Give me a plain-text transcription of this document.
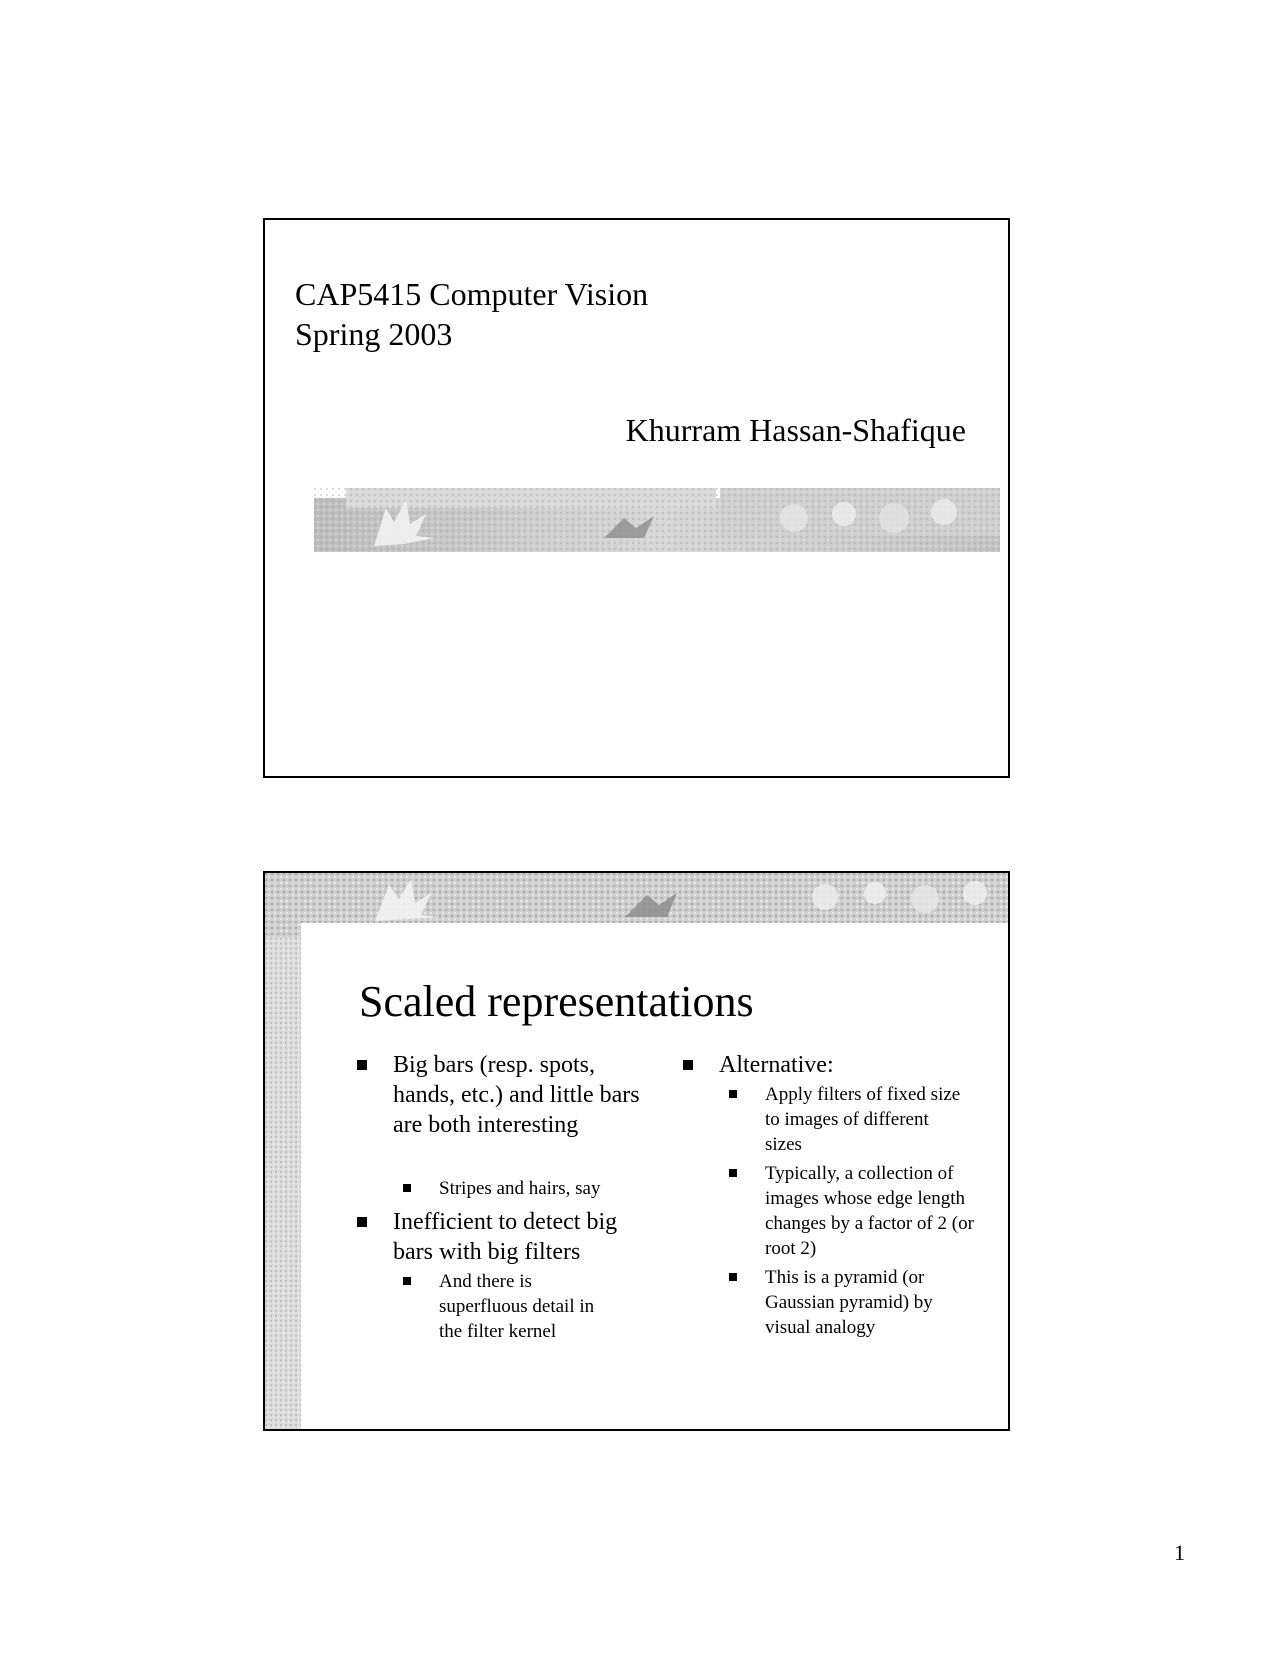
CAP5415 Computer Vision
Spring 2003
Khurram Hassan-Shafique
Scaled representations
Big bars (resp. spots, hands, etc.) and little bars are both interesting
Stripes and hairs, say
Inefficient to detect big bars with big filters
And there is superfluous detail in the filter kernel
Alternative:
Apply filters of fixed size to images of different sizes
Typically, a collection of images whose edge length changes by a factor of 2 (or root 2)
This is a pyramid (or Gaussian pyramid) by visual analogy
1
